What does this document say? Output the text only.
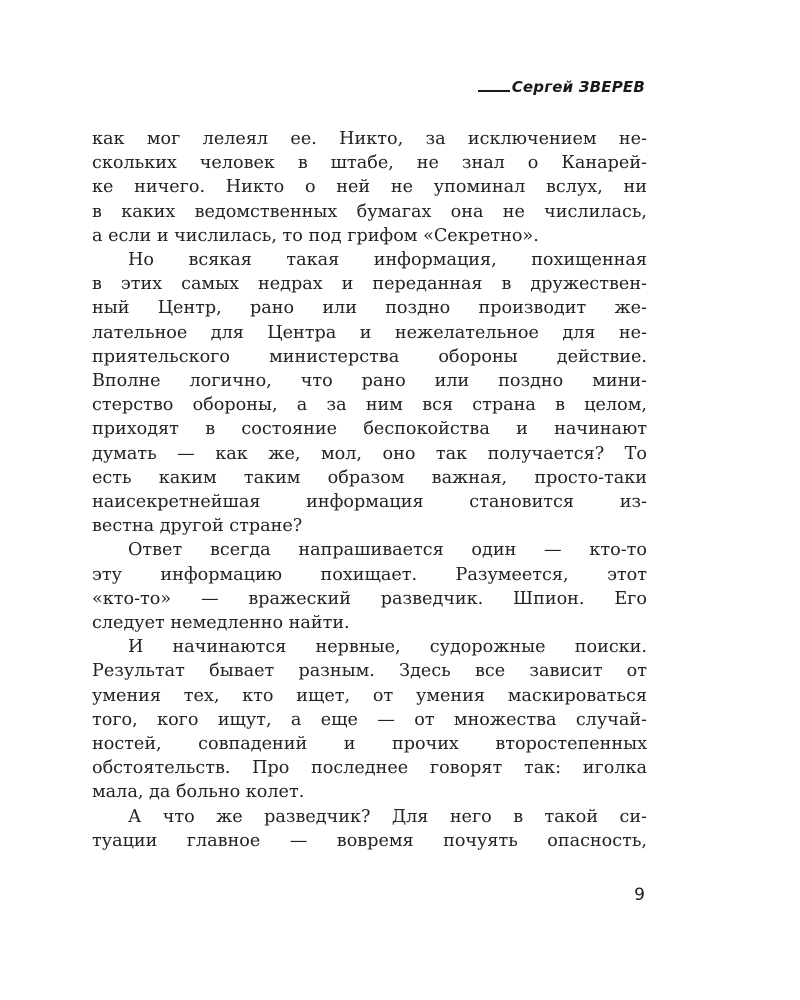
Сергей ЗВЕРЕВ
как мог лелеял ее. Никто, за исключением не-
скольких человек в штабе, не знал о Канарей-
ке ничего. Никто о ней не упоминал вслух, ни
в каких ведомственных бумагах она не числилась,
а если и числилась, то под грифом «Секретно».
Но всякая такая информация, похищенная
в этих самых недрах и переданная в дружествен-
ный Центр, рано или поздно производит же-
лательное для Центра и нежелательное для не-
приятельского министерства обороны действие.
Вполне логично, что рано или поздно мини-
стерство обороны, а за ним вся страна в целом,
приходят в состояние беспокойства и начинают
думать — как же, мол, оно так получается? То
есть каким таким образом важная, просто-таки
наисекретнейшая информация становится из-
вестна другой стране?
Ответ всегда напрашивается один — кто-то
эту информацию похищает. Разумеется, этот
«кто-то» — вражеский разведчик. Шпион. Его
следует немедленно найти.
И начинаются нервные, судорожные поиски.
Результат бывает разным. Здесь все зависит от
умения тех, кто ищет, от умения маскироваться
того, кого ищут, а еще — от множества случай-
ностей, совпадений и прочих второстепенных
обстоятельств. Про последнее говорят так: иголка
мала, да больно колет.
А что же разведчик? Для него в такой си-
туации главное — вовремя почуять опасность,
9
